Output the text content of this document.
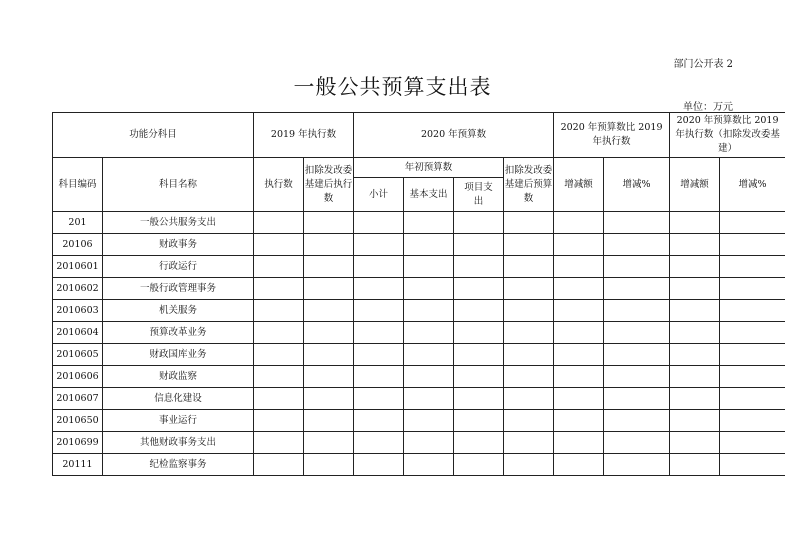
部门公开表 2
一般公共预算支出表
单位：万元
功能分科目		2019 年执行数		2020 年预算数				2020 年预算数比 2019 年执行数		2020 年预算数比 2019 年执行数（扣除发改委基建）	
科目编码	科目名称	执行数	扣除发改委基建后执行数	年初预算数			扣除发改委基建后预算数	增减额	增减%	增减额	增减%
				小计	基本支出	项目支出					
201	一般公共服务支出										
20106	财政事务										
2010601	行政运行										
2010602	一般行政管理事务										
2010603	机关服务										
2010604	预算改革业务										
2010605	财政国库业务										
2010606	财政监察										
2010607	信息化建设										
2010650	事业运行										
2010699	其他财政事务支出										
20111	纪检监察事务										
